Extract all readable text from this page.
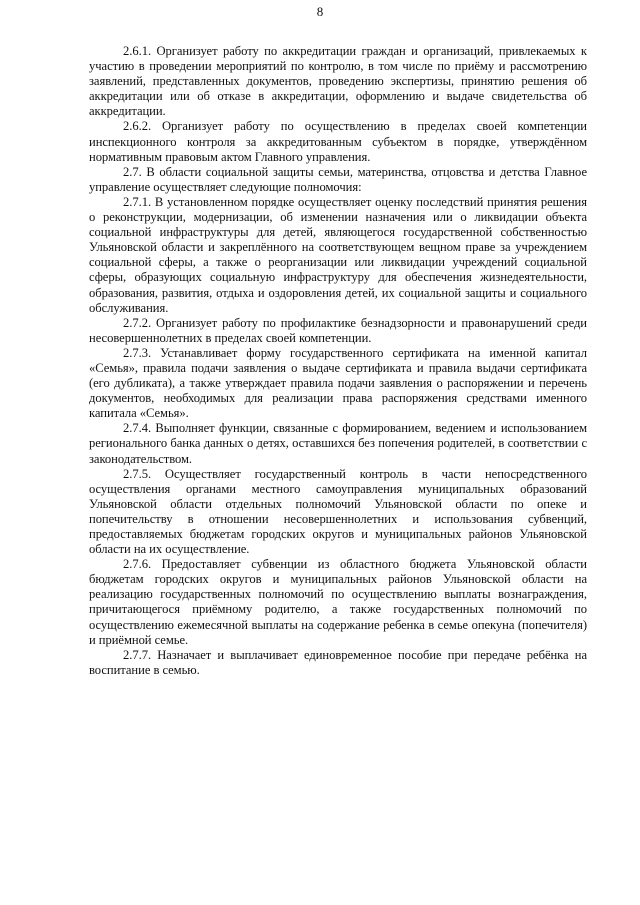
8

2.6.1. Организует работу по аккредитации граждан и организаций, привлекаемых к участию в проведении мероприятий по контролю, в том числе по приёму и рассмотрению заявлений, представленных документов, проведению экспертизы, принятию решения об аккредитации или об отказе в аккредитации, оформлению и выдаче свидетельства об аккредитации.

2.6.2. Организует работу по осуществлению в пределах своей компетенции инспекционного контроля за аккредитованным субъектом в порядке, утверждённом нормативным правовым актом Главного управления.

2.7. В области социальной защиты семьи, материнства, отцовства и детства Главное управление осуществляет следующие полномочия:

2.7.1. В установленном порядке осуществляет оценку последствий принятия решения о реконструкции, модернизации, об изменении назначения или о ликвидации объекта социальной инфраструктуры для детей, являющегося государственной собственностью Ульяновской области и закреплённого на соответствующем вещном праве за учреждением социальной сферы, а также о реорганизации или ликвидации учреждений социальной сферы, образующих социальную инфраструктуру для обеспечения жизнедеятельности, образования, развития, отдыха и оздоровления детей, их социальной защиты и социального обслуживания.

2.7.2. Организует работу по профилактике безнадзорности и правонарушений среди несовершеннолетних в пределах своей компетенции.

2.7.3. Устанавливает форму государственного сертификата на именной капитал «Семья», правила подачи заявления о выдаче сертификата и правила выдачи сертификата (его дубликата), а также утверждает правила подачи заявления о распоряжении и перечень документов, необходимых для реализации права распоряжения средствами именного капитала «Семья».

2.7.4. Выполняет функции, связанные с формированием, ведением и использованием регионального банка данных о детях, оставшихся без попечения родителей, в соответствии с законодательством.

2.7.5. Осуществляет государственный контроль в части непосредственного осуществления органами местного самоуправления муниципальных образований Ульяновской области отдельных полномочий Ульяновской области по опеке и попечительству в отношении несовершеннолетних и использования субвенций, предоставляемых бюджетам городских округов и муниципальных районов Ульяновской области на их осуществление.

2.7.6. Предоставляет субвенции из областного бюджета Ульяновской области бюджетам городских округов и муниципальных районов Ульяновской области на реализацию государственных полномочий по осуществлению выплаты вознаграждения, причитающегося приёмному родителю, а также государственных полномочий по осуществлению ежемесячной выплаты на содержание ребенка в семье опекуна (попечителя) и приёмной семье.

2.7.7. Назначает и выплачивает единовременное пособие при передаче ребёнка на воспитание в семью.
